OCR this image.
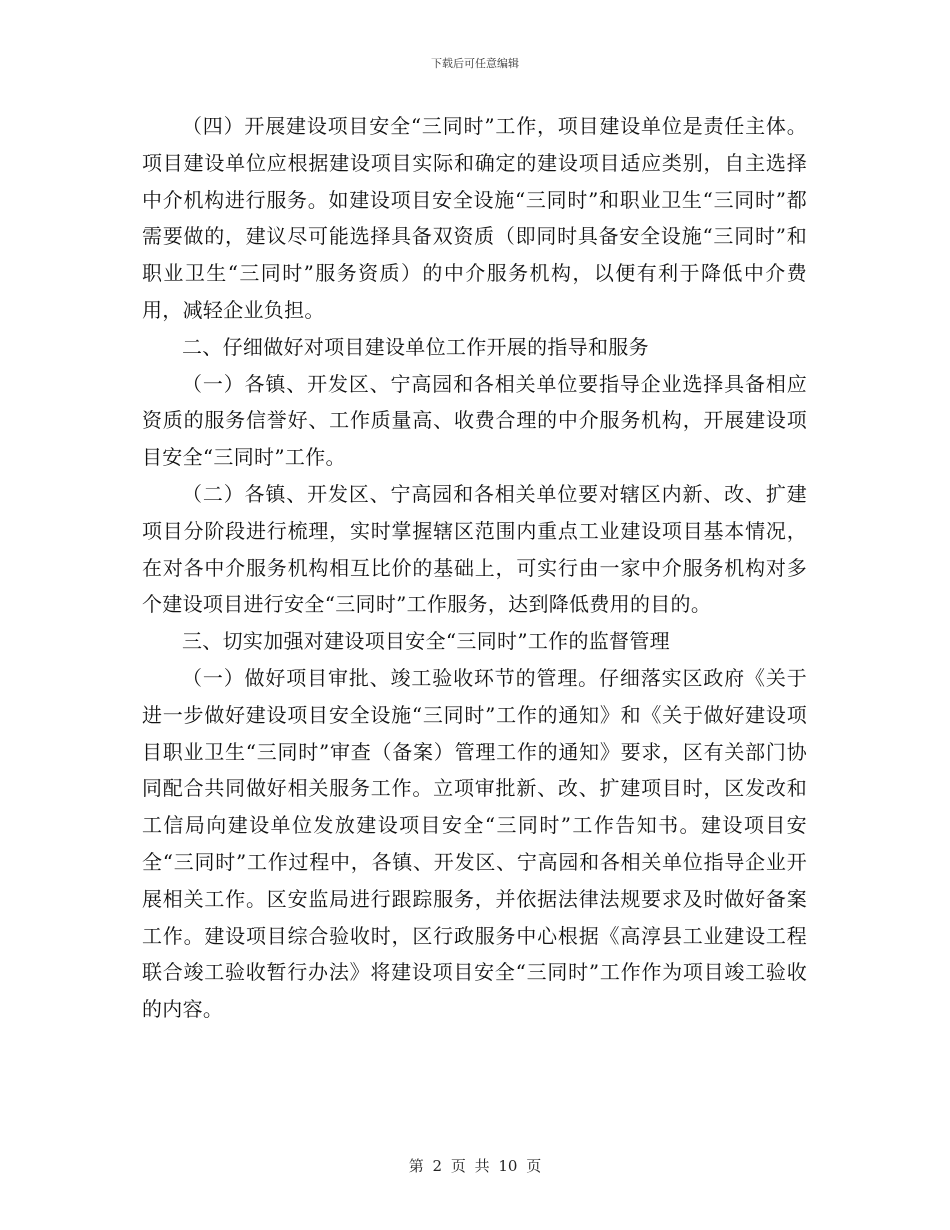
下载后可任意编辑

（四）开展建设项目安全“三同时”工作，项目建设单位是责任主体。项目建设单位应根据建设项目实际和确定的建设项目适应类别，自主选择中介机构进行服务。如建设项目安全设施“三同时”和职业卫生“三同时”都需要做的，建议尽可能选择具备双资质（即同时具备安全设施“三同时”和职业卫生“三同时”服务资质）的中介服务机构，以便有利于降低中介费用，减轻企业负担。

二、仔细做好对项目建设单位工作开展的指导和服务

（一）各镇、开发区、宁高园和各相关单位要指导企业选择具备相应资质的服务信誉好、工作质量高、收费合理的中介服务机构，开展建设项目安全“三同时”工作。

（二）各镇、开发区、宁高园和各相关单位要对辖区内新、改、扩建项目分阶段进行梳理，实时掌握辖区范围内重点工业建设项目基本情况，在对各中介服务机构相互比价的基础上，可实行由一家中介服务机构对多个建设项目进行安全“三同时”工作服务，达到降低费用的目的。

三、切实加强对建设项目安全“三同时”工作的监督管理

（一）做好项目审批、竣工验收环节的管理。仔细落实区政府《关于进一步做好建设项目安全设施“三同时”工作的通知》和《关于做好建设项目职业卫生“三同时”审查（备案）管理工作的通知》要求，区有关部门协同配合共同做好相关服务工作。立项审批新、改、扩建项目时，区发改和工信局向建设单位发放建设项目安全“三同时”工作告知书。建设项目安全“三同时”工作过程中，各镇、开发区、宁高园和各相关单位指导企业开展相关工作。区安监局进行跟踪服务，并依据法律法规要求及时做好备案工作。建设项目综合验收时，区行政服务中心根据《高淳县工业建设工程联合竣工验收暂行办法》将建设项目安全“三同时”工作作为项目竣工验收的内容。

第 2 页 共 10 页
